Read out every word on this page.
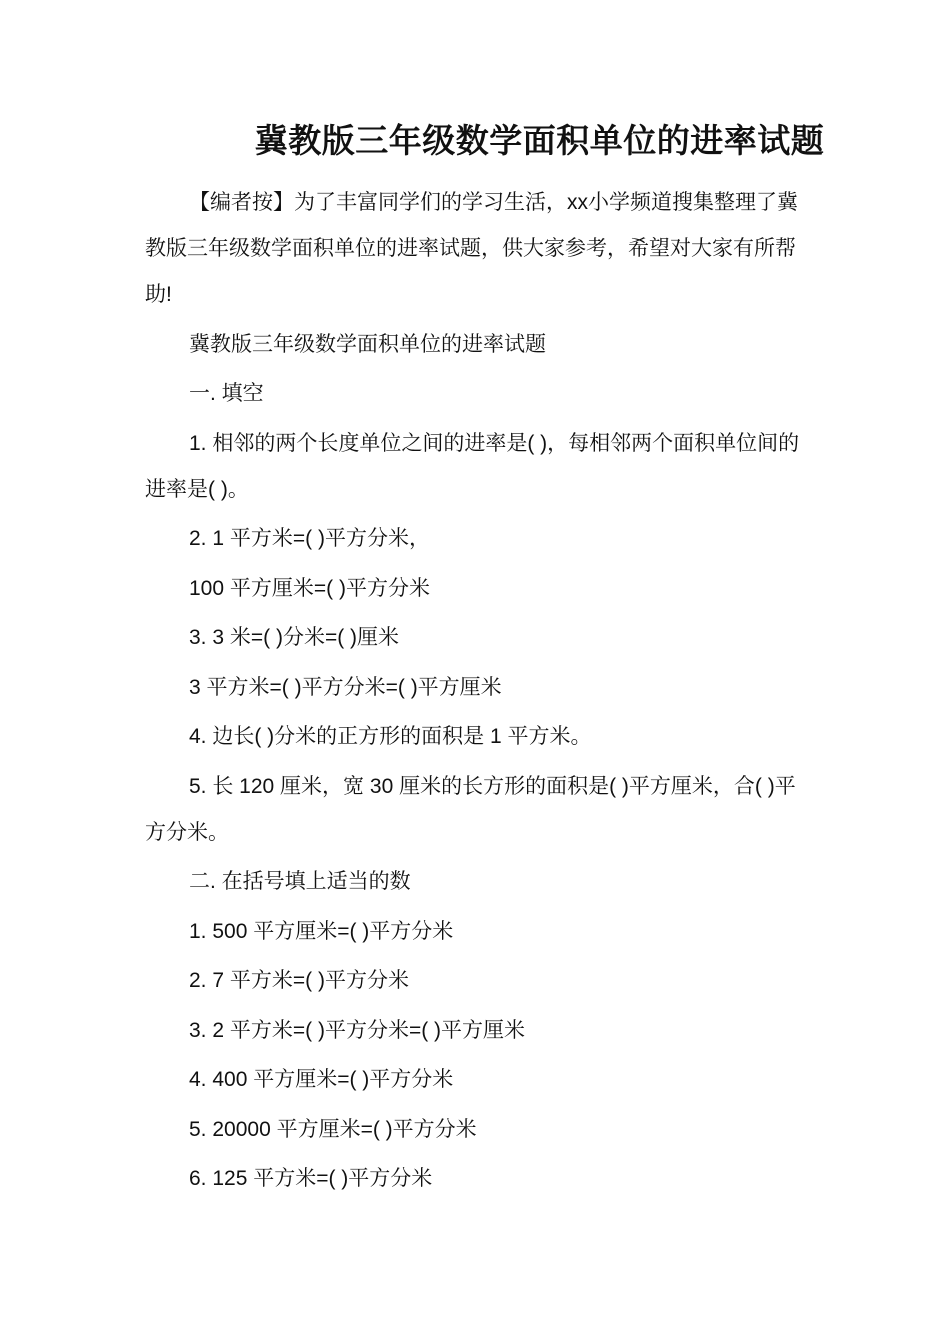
冀教版三年级数学面积单位的进率试题

【编者按】为了丰富同学们的学习生活，xx小学频道搜集整理了冀教版三年级数学面积单位的进率试题，供大家参考，希望对大家有所帮助!

冀教版三年级数学面积单位的进率试题

一. 填空

1. 相邻的两个长度单位之间的进率是( )，每相邻两个面积单位间的进率是( )。

2. 1 平方米=( )平方分米，

100 平方厘米=( )平方分米

3. 3 米=( )分米=( )厘米

3 平方米=( )平方分米=( )平方厘米

4. 边长( )分米的正方形的面积是 1 平方米。

5. 长 120 厘米，宽 30 厘米的长方形的面积是( )平方厘米，合( )平方分米。

二. 在括号填上适当的数

1. 500 平方厘米=( )平方分米

2. 7 平方米=( )平方分米

3. 2 平方米=( )平方分米=( )平方厘米

4. 400 平方厘米=( )平方分米

5. 20000 平方厘米=( )平方分米

6. 125 平方米=( )平方分米
